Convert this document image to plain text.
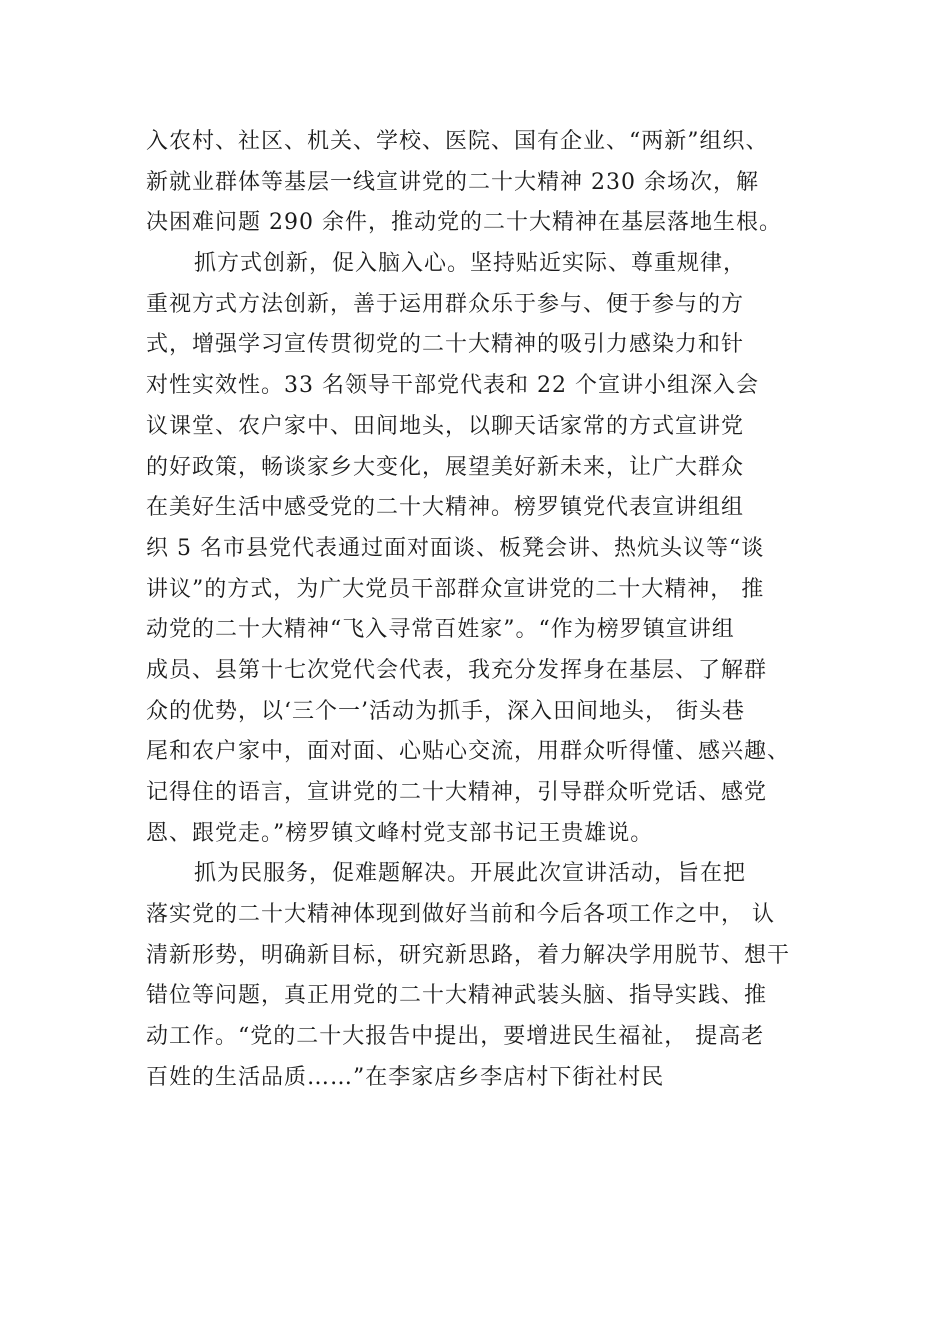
入农村、社区、机关、学校、医院、国有企业、“两新”组织、
新就业群体等基层一线宣讲党的二十大精神 230 余场次，解
决困难问题 290 余件，推动党的二十大精神在基层落地生根。
抓方式创新，促入脑入心。坚持贴近实际、尊重规律，
重视方式方法创新，善于运用群众乐于参与、便于参与的方
式，增强学习宣传贯彻党的二十大精神的吸引力感染力和针
对性实效性。33 名领导干部党代表和 22 个宣讲小组深入会
议课堂、农户家中、田间地头，以聊天话家常的方式宣讲党
的好政策，畅谈家乡大变化，展望美好新未来，让广大群众
在美好生活中感受党的二十大精神。榜罗镇党代表宣讲组组
织 5 名市县党代表通过面对面谈、板凳会讲、热炕头议等“谈
讲议”的方式，为广大党员干部群众宣讲党的二十大精神， 推
动党的二十大精神“飞入寻常百姓家”。“作为榜罗镇宣讲组
成员、县第十七次党代会代表，我充分发挥身在基层、了解群
众的优势，以‘三个一’活动为抓手，深入田间地头， 街头巷
尾和农户家中，面对面、心贴心交流，用群众听得懂、感兴趣、
记得住的语言，宣讲党的二十大精神，引导群众听党话、感党
恩、跟党走。”榜罗镇文峰村党支部书记王贵雄说。
抓为民服务，促难题解决。开展此次宣讲活动，旨在把
落实党的二十大精神体现到做好当前和今后各项工作之中， 认
清新形势，明确新目标，研究新思路，着力解决学用脱节、想干
错位等问题，真正用党的二十大精神武装头脑、指导实践、推
动工作。“党的二十大报告中提出，要增进民生福祉， 提高老
百姓的生活品质……”在李家店乡李店村下街社村民
